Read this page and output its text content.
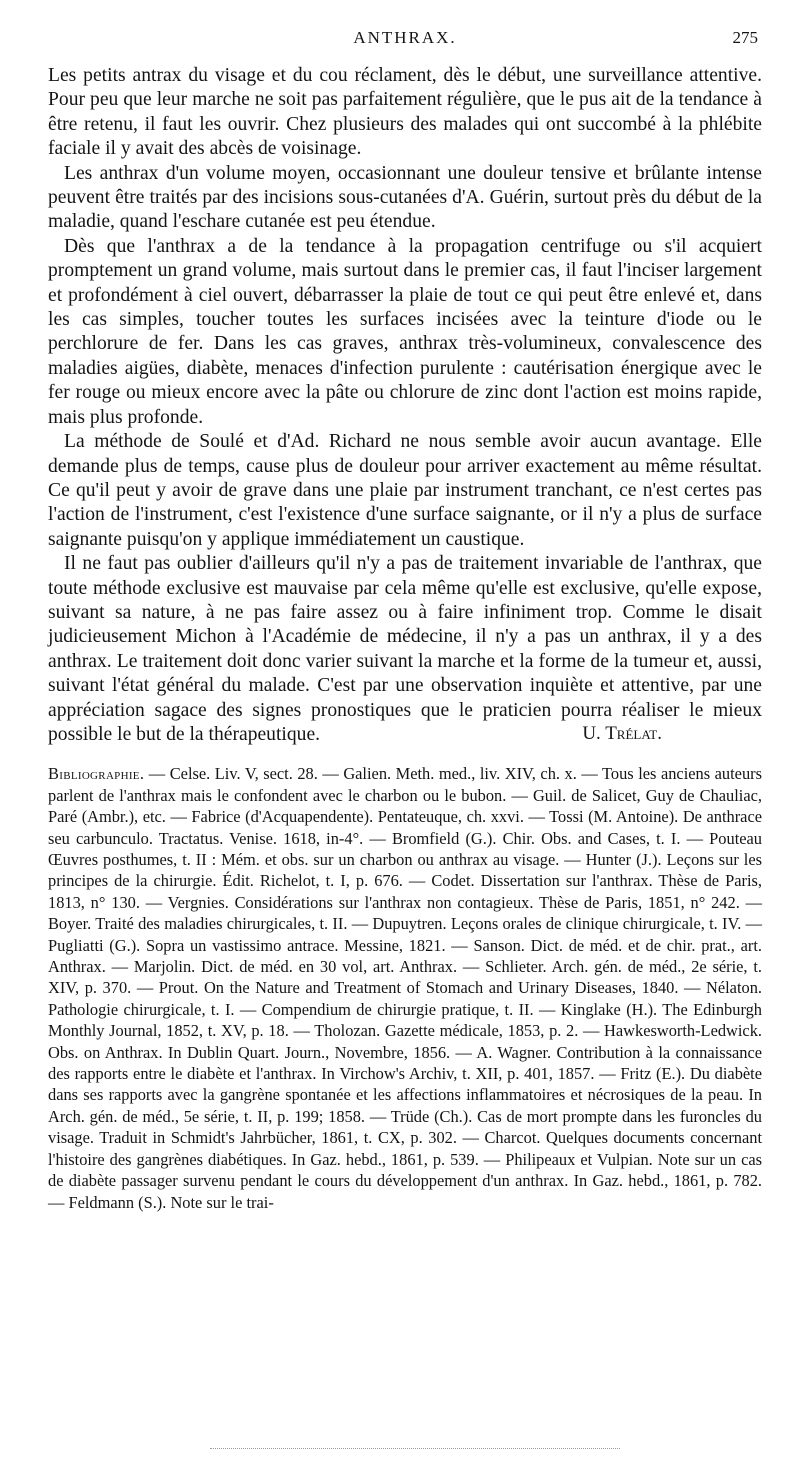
ANTHRAX.	275

Les petits antrax du visage et du cou réclament, dès le début, une surveillance attentive. Pour peu que leur marche ne soit pas parfaitement régulière, que le pus ait de la tendance à être retenu, il faut les ouvrir. Chez plusieurs des malades qui ont succombé à la phlébite faciale il y avait des abcès de voisinage.

Les anthrax d'un volume moyen, occasionnant une douleur tensive et brûlante intense peuvent être traités par des incisions sous-cutanées d'A. Guérin, surtout près du début de la maladie, quand l'eschare cutanée est peu étendue.

Dès que l'anthrax a de la tendance à la propagation centrifuge ou s'il acquiert promptement un grand volume, mais surtout dans le premier cas, il faut l'inciser largement et profondément à ciel ouvert, débarrasser la plaie de tout ce qui peut être enlevé et, dans les cas simples, toucher toutes les surfaces incisées avec la teinture d'iode ou le perchlorure de fer. Dans les cas graves, anthrax très-volumineux, convalescence des maladies aigües, diabète, menaces d'infection purulente : cautérisation énergique avec le fer rouge ou mieux encore avec la pâte ou chlorure de zinc dont l'action est moins rapide, mais plus profonde.

La méthode de Soulé et d'Ad. Richard ne nous semble avoir aucun avantage. Elle demande plus de temps, cause plus de douleur pour arriver exactement au même résultat. Ce qu'il peut y avoir de grave dans une plaie par instrument tranchant, ce n'est certes pas l'action de l'instrument, c'est l'existence d'une surface saignante, or il n'y a plus de surface saignante puisqu'on y applique immédiatement un caustique.

Il ne faut pas oublier d'ailleurs qu'il n'y a pas de traitement invariable de l'anthrax, que toute méthode exclusive est mauvaise par cela même qu'elle est exclusive, qu'elle expose, suivant sa nature, à ne pas faire assez ou à faire infiniment trop. Comme le disait judicieusement Michon à l'Académie de médecine, il n'y a pas un anthrax, il y a des anthrax. Le traitement doit donc varier suivant la marche et la forme de la tumeur et, aussi, suivant l'état général du malade. C'est par une observation inquiète et attentive, par une appréciation sagace des signes pronostiques que le praticien pourra réaliser le mieux possible le but de la thérapeutique.	U. Trélat.
Bibliographie. — Celse. Liv. V, sect. 28. — Galien. Meth. med., liv. XIV, ch. x. — Tous les anciens auteurs parlent de l'anthrax mais le confondent avec le charbon ou le bubon. — Guil. de Salicet, Guy de Chauliac, Paré (Ambr.), etc. — Fabrice (d'Acquapendente). Pentateuque, ch. xxvi. — Tossi (M. Antoine). De anthrace seu carbunculo. Tractatus. Venise. 1618, in-4°. — Bromfield (G.). Chir. Obs. and Cases, t. I. — Pouteau Œuvres posthumes, t. II : Mém. et obs. sur un charbon ou anthrax au visage. — Hunter (J.). Leçons sur les principes de la chirurgie. Édit. Richelot, t. I, p. 676. — Codet. Dissertation sur l'anthrax. Thèse de Paris, 1813, n° 130. — Vergnies. Considérations sur l'anthrax non contagieux. Thèse de Paris, 1851, n° 242. — Boyer. Traité des maladies chirurgicales, t. II. — Dupuytren. Leçons orales de clinique chirurgicale, t. IV. — Pugliatti (G.). Sopra un vastissimo antrace. Messine, 1821. — Sanson. Dict. de méd. et de chir. prat., art. Anthrax. — Marjolin. Dict. de méd. en 30 vol, art. Anthrax. — Schlieter. Arch. gén. de méd., 2e série, t. XIV, p. 370. — Prout. On the Nature and Treatment of Stomach and Urinary Diseases, 1840. — Nélaton. Pathologie chirurgicale, t. I. — Compendium de chirurgie pratique, t. II. — Kinglake (H.). The Edinburgh Monthly Journal, 1852, t. XV, p. 18. — Tholozan. Gazette médicale, 1853, p. 2. — Hawkesworth-Ledwick. Obs. on Anthrax. In Dublin Quart. Journ., Novembre, 1856. — A. Wagner. Contribution à la connaissance des rapports entre le diabète et l'anthrax. In Virchow's Archiv, t. XII, p. 401, 1857. — Fritz (E.). Du diabète dans ses rapports avec la gangrène spontanée et les affections inflammatoires et nécrosiques de la peau. In Arch. gén. de méd., 5e série, t. II, p. 199; 1858. — Trüde (Ch.). Cas de mort prompte dans les furoncles du visage. Traduit in Schmidt's Jahrbücher, 1861, t. CX, p. 302. — Charcot. Quelques documents concernant l'histoire des gangrènes diabétiques. In Gaz. hebd., 1861, p. 539. — Philipeaux et Vulpian. Note sur un cas de diabète passager survenu pendant le cours du développement d'un anthrax. In Gaz. hebd., 1861, p. 782. — Feldmann (S.). Note sur le trai-
